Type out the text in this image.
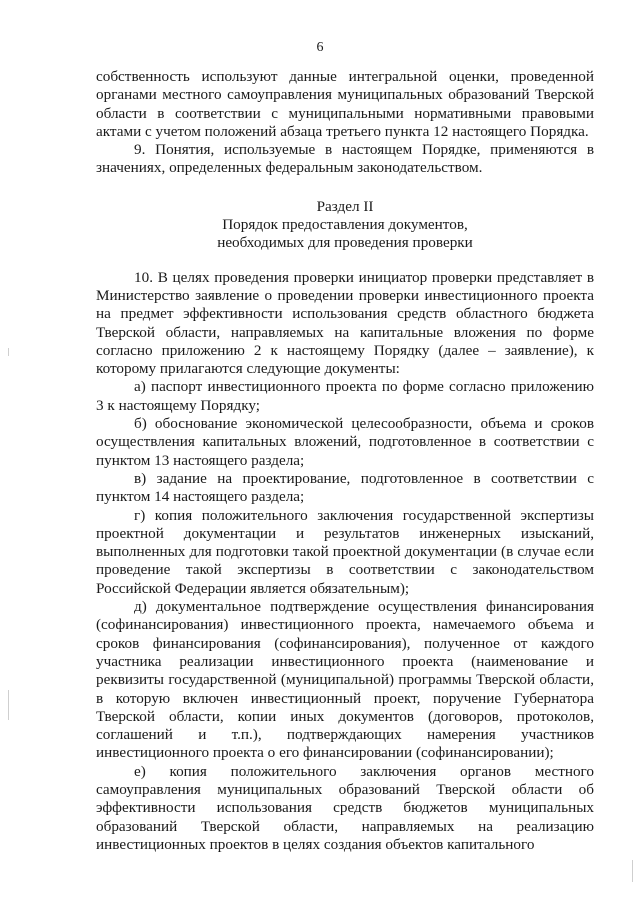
6

собственность используют данные интегральной оценки, проведенной органами местного самоуправления муниципальных образований Тверской области в соответствии с муниципальными нормативными правовыми актами с учетом положений абзаца третьего пункта 12 настоящего Порядка.

9. Понятия, используемые в настоящем Порядке, применяются в значениях, определенных федеральным законодательством.

Раздел II
Порядок предоставления документов,
необходимых для проведения проверки

10. В целях проведения проверки инициатор проверки представляет в Министерство заявление о проведении проверки инвестиционного проекта на предмет эффективности использования средств областного бюджета Тверской области, направляемых на капитальные вложения по форме согласно приложению 2 к настоящему Порядку (далее – заявление), к которому прилагаются следующие документы:

а) паспорт инвестиционного проекта по форме согласно приложению 3 к настоящему Порядку;

б) обоснование экономической целесообразности, объема и сроков осуществления капитальных вложений, подготовленное в соответствии с пунктом 13 настоящего раздела;

в) задание на проектирование, подготовленное в соответствии с пунктом 14 настоящего раздела;

г) копия положительного заключения государственной экспертизы проектной документации и результатов инженерных изысканий, выполненных для подготовки такой проектной документации (в случае если проведение такой экспертизы в соответствии с законодательством Российской Федерации является обязательным);

д) документальное подтверждение осуществления финансирования (софинансирования) инвестиционного проекта, намечаемого объема и сроков финансирования (софинансирования), полученное от каждого участника реализации инвестиционного проекта (наименование и реквизиты государственной (муниципальной) программы Тверской области, в которую включен инвестиционный проект, поручение Губернатора Тверской области, копии иных документов (договоров, протоколов, соглашений и т.п.), подтверждающих намерения участников инвестиционного проекта о его финансировании (софинансировании);

е) копия положительного заключения органов местного самоуправления муниципальных образований Тверской области об эффективности использования средств бюджетов муниципальных образований Тверской области, направляемых на реализацию инвестиционных проектов в целях создания объектов капитального
